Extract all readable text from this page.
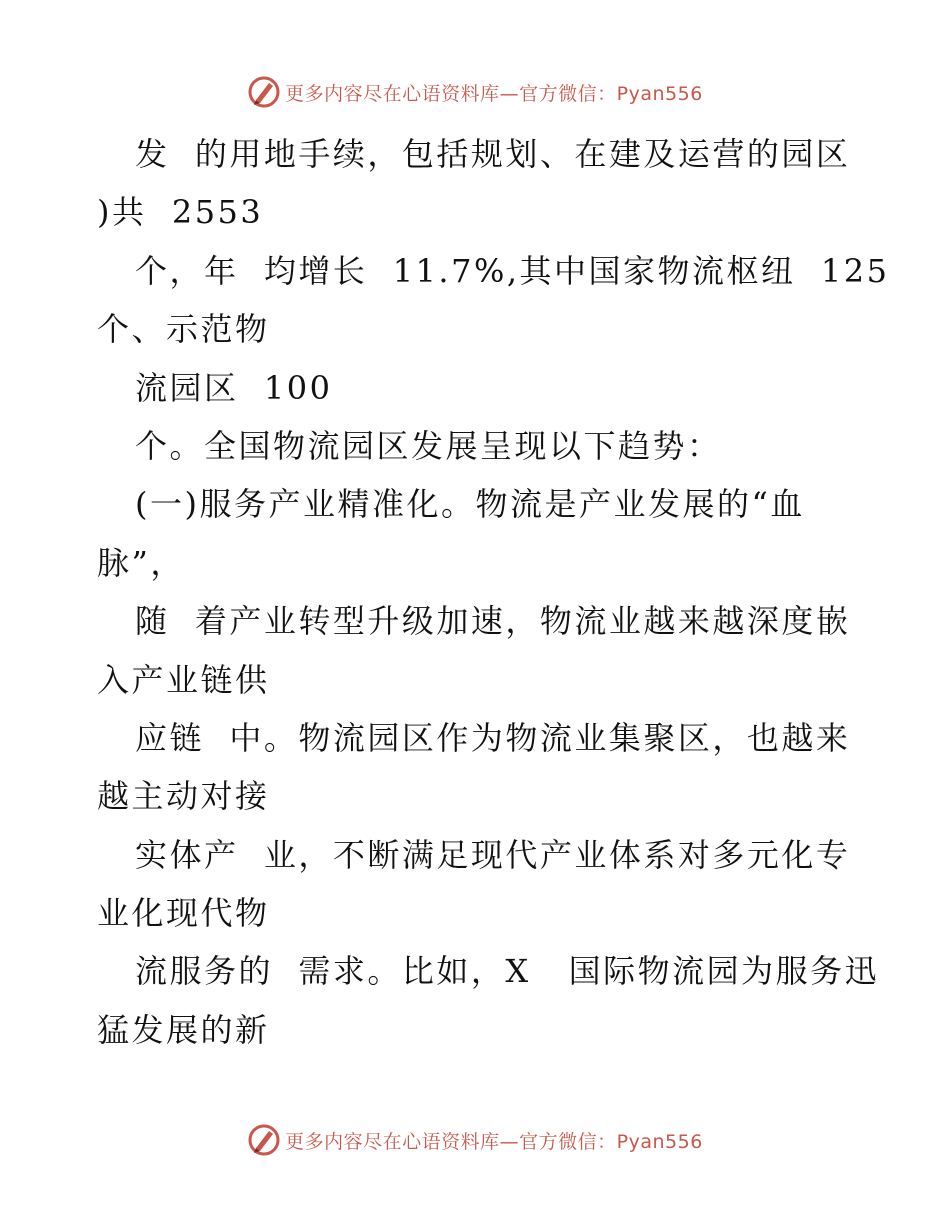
更多内容尽在心语资料库—官方微信：Pyan556
发  的用地手续，包括规划、在建及运营的园区
)共  2553
个，年  均增长  11.7%,其中国家物流枢纽  125
个、示范物
流园区  100
个。全国物流园区发展呈现以下趋势：
(一)服务产业精准化。物流是产业发展的“血
脉”，
随  着产业转型升级加速，物流业越来越深度嵌
入产业链供
应链  中。物流园区作为物流业集聚区，也越来
越主动对接
实体产  业，不断满足现代产业体系对多元化专
业化现代物
流服务的  需求。比如，X   国际物流园为服务迅
猛发展的新
更多内容尽在心语资料库—官方微信：Pyan556
